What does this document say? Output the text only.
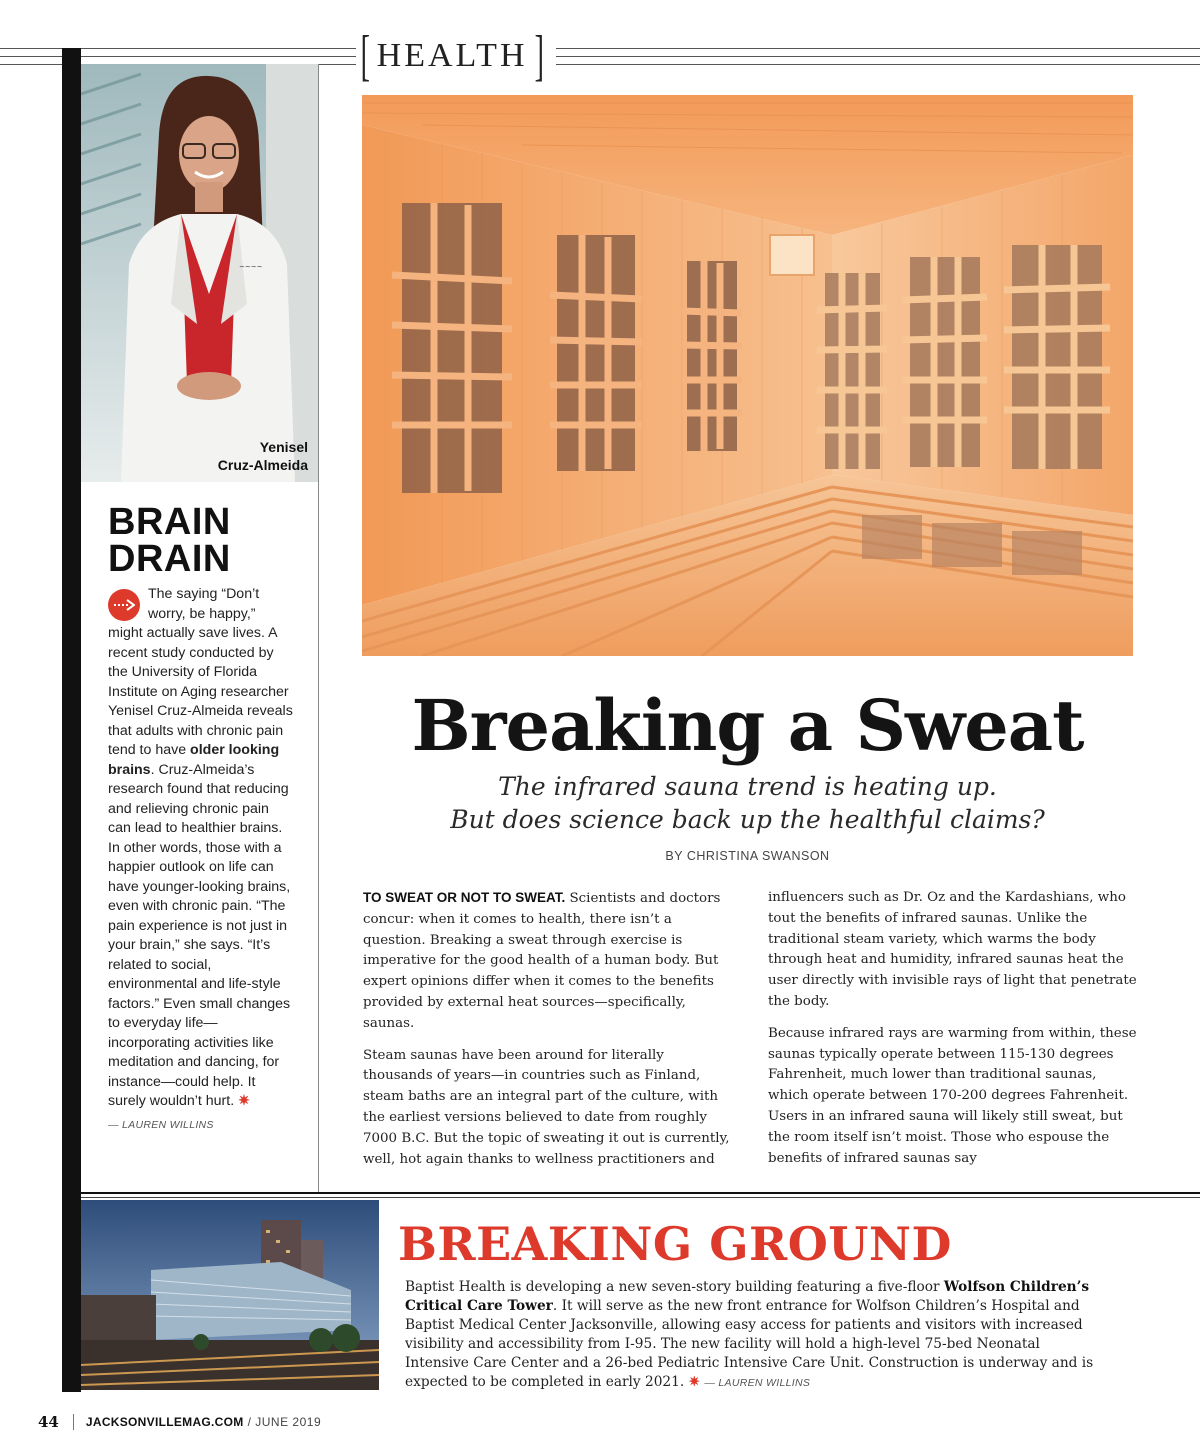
[ HEALTH ]
~~~~
Yenisel
Cruz-Almeida
BRAIN
DRAIN
The saying “Don’t worry, be happy,” might actually save lives. A recent study conducted by the University of Florida Institute on Aging researcher Yenisel Cruz-Almeida reveals that adults with chronic pain tend to have older looking brains. Cruz-Almeida’s research found that reducing and relieving chronic pain can lead to healthier brains. In other words, those with a happier outlook on life can have younger-looking brains, even with chronic pain. “The pain experience is not just in your brain,” she says. “It’s related to social, environmental and life-style factors.” Even small changes to everyday life—incorporating activities like meditation and dancing, for instance—could help. It surely wouldn’t hurt. ✷
— LAUREN WILLINS
Breaking a Sweat
The infrared sauna trend is heating up.
But does science back up the healthful claims?
BY CHRISTINA SWANSON

TO SWEAT OR NOT TO SWEAT. Scientists and doctors concur: when it comes to health, there isn’t a question. Breaking a sweat through exercise is imperative for the good health of a human body. But expert opinions differ when it comes to the benefits provided by external heat sources—specifically, saunas.

Steam saunas have been around for literally thousands of years—in countries such as Finland, steam baths are an integral part of the culture, with the earliest versions believed to date from roughly 7000 B.C. But the topic of sweating it out is currently, well, hot again thanks to wellness practitioners and

influencers such as Dr. Oz and the Kardashians, who tout the benefits of infrared saunas. Unlike the traditional steam variety, which warms the body through heat and humidity, infrared saunas heat the user directly with invisible rays of light that penetrate the body.

Because infrared rays are warming from within, these saunas typically operate between 115-130 degrees Fahrenheit, much lower than traditional saunas, which operate between 170-200 degrees Fahrenheit. Users in an infrared sauna will likely still sweat, but the room itself isn’t moist. Those who espouse the benefits of infrared saunas say

BREAKING GROUND
Baptist Health is developing a new seven-story building featuring a five-floor Wolfson Children’s Critical Care Tower. It will serve as the new front entrance for Wolfson Children’s Hospital and Baptist Medical Center Jacksonville, allowing easy access for patients and visitors with increased visibility and accessibility from I-95. The new facility will hold a high-level 75-bed Neonatal Intensive Care Center and a 26-bed Pediatric Intensive Care Unit. Construction is underway and is expected to be completed in early 2021. ✷ — LAUREN WILLINS
44 JACKSONVILLEMAG.COM / JUNE 2019
